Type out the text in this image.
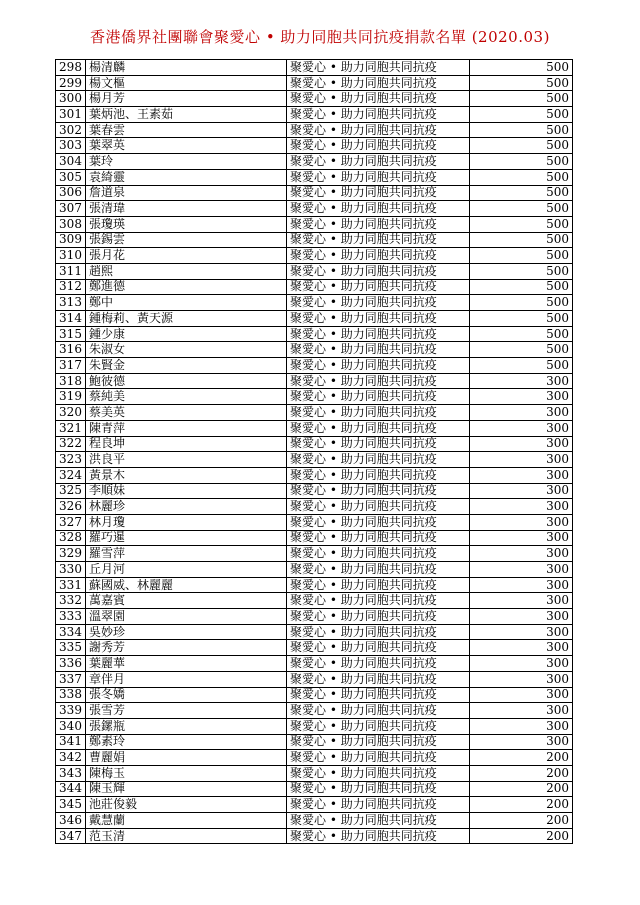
香港僑界社團聯會聚愛心 • 助力同胞共同抗疫捐款名單 (2020.03)
298	楊清麟	聚愛心 • 助力同胞共同抗疫	500
299	楊文樞	聚愛心 • 助力同胞共同抗疫	500
300	楊月芳	聚愛心 • 助力同胞共同抗疫	500
301	葉炳池、王素茹	聚愛心 • 助力同胞共同抗疫	500
302	葉春雲	聚愛心 • 助力同胞共同抗疫	500
303	葉翠英	聚愛心 • 助力同胞共同抗疫	500
304	葉玲	聚愛心 • 助力同胞共同抗疫	500
305	袁綺靈	聚愛心 • 助力同胞共同抗疫	500
306	詹道泉	聚愛心 • 助力同胞共同抗疫	500
307	張清瑋	聚愛心 • 助力同胞共同抗疫	500
308	張瓊瑛	聚愛心 • 助力同胞共同抗疫	500
309	張錫雲	聚愛心 • 助力同胞共同抗疫	500
310	張月花	聚愛心 • 助力同胞共同抗疫	500
311	趙熙	聚愛心 • 助力同胞共同抗疫	500
312	鄭進德	聚愛心 • 助力同胞共同抗疫	500
313	鄭中	聚愛心 • 助力同胞共同抗疫	500
314	鍾梅莉、黃天源	聚愛心 • 助力同胞共同抗疫	500
315	鍾少康	聚愛心 • 助力同胞共同抗疫	500
316	朱淑女	聚愛心 • 助力同胞共同抗疫	500
317	朱賢金	聚愛心 • 助力同胞共同抗疫	500
318	鮑彼德	聚愛心 • 助力同胞共同抗疫	300
319	蔡純美	聚愛心 • 助力同胞共同抗疫	300
320	蔡美英	聚愛心 • 助力同胞共同抗疫	300
321	陳青萍	聚愛心 • 助力同胞共同抗疫	300
322	程良坤	聚愛心 • 助力同胞共同抗疫	300
323	洪良平	聚愛心 • 助力同胞共同抗疫	300
324	黃景木	聚愛心 • 助力同胞共同抗疫	300
325	李順妹	聚愛心 • 助力同胞共同抗疫	300
326	林麗珍	聚愛心 • 助力同胞共同抗疫	300
327	林月瓊	聚愛心 • 助力同胞共同抗疫	300
328	羅巧暹	聚愛心 • 助力同胞共同抗疫	300
329	羅雪萍	聚愛心 • 助力同胞共同抗疫	300
330	丘月河	聚愛心 • 助力同胞共同抗疫	300
331	蘇國威、林麗麗	聚愛心 • 助力同胞共同抗疫	300
332	萬嘉賓	聚愛心 • 助力同胞共同抗疫	300
333	溫翠園	聚愛心 • 助力同胞共同抗疫	300
334	吳妙珍	聚愛心 • 助力同胞共同抗疫	300
335	謝秀芳	聚愛心 • 助力同胞共同抗疫	300
336	葉麗華	聚愛心 • 助力同胞共同抗疫	300
337	章伴月	聚愛心 • 助力同胞共同抗疫	300
338	張冬嬌	聚愛心 • 助力同胞共同抗疫	300
339	張雪芳	聚愛心 • 助力同胞共同抗疫	300
340	張鏍瓶	聚愛心 • 助力同胞共同抗疫	300
341	鄭素玲	聚愛心 • 助力同胞共同抗疫	300
342	曹麗娟	聚愛心 • 助力同胞共同抗疫	200
343	陳梅玉	聚愛心 • 助力同胞共同抗疫	200
344	陳玉輝	聚愛心 • 助力同胞共同抗疫	200
345	池莊俊毅	聚愛心 • 助力同胞共同抗疫	200
346	戴慧蘭	聚愛心 • 助力同胞共同抗疫	200
347	范玉清	聚愛心 • 助力同胞共同抗疫	200
